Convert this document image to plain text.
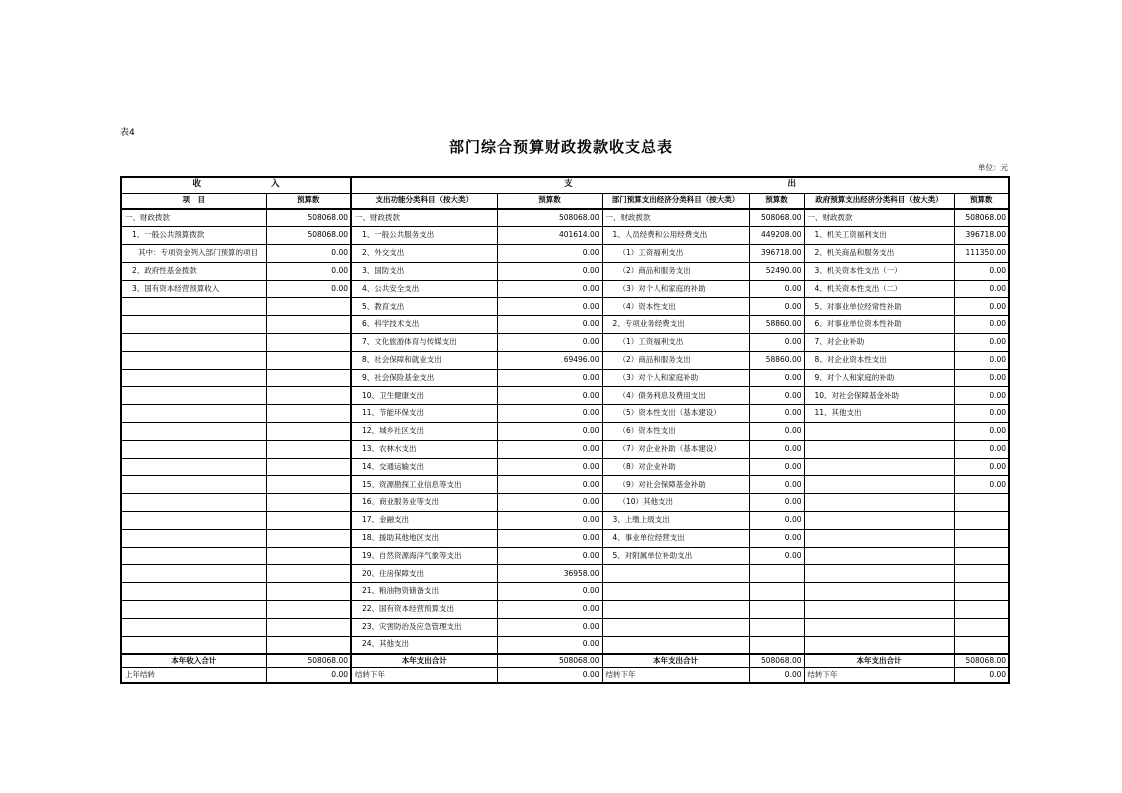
表4
部门综合预算财政拨款收支总表
单位：元
收 入		支 出					

项　目	预算数	支出功能分类科目（按大类）	预算数	部门预算支出经济分类科目（按大类）	预算数	政府预算支出经济分类科目（按大类）	预算数
一、财政拨款	508068.00	一、财政拨款	508068.00	一、财政拨款	508068.00	一、财政拨款	508068.00
1、一般公共预算拨款	508068.00	1、一般公共服务支出	401614.00	1、人员经费和公用经费支出	449208.00	1、机关工资福利支出	396718.00
其中：专项资金列入部门预算的项目	0.00	2、外交支出	0.00	（1）工资福利支出	396718.00	2、机关商品和服务支出	111350.00
2、政府性基金拨款	0.00	3、国防支出	0.00	（2）商品和服务支出	52490.00	3、机关资本性支出（一）	0.00
3、国有资本经营预算收入	0.00	4、公共安全支出	0.00	（3）对个人和家庭的补助	0.00	4、机关资本性支出（二）	0.00
		5、教育支出	0.00	（4）资本性支出	0.00	5、对事业单位经常性补助	0.00
		6、科学技术支出	0.00	2、专项业务经费支出	58860.00	6、对事业单位资本性补助	0.00
		7、文化旅游体育与传媒支出	0.00	（1）工资福利支出	0.00	7、对企业补助	0.00
		8、社会保障和就业支出	69496.00	（2）商品和服务支出	58860.00	8、对企业资本性支出	0.00
		9、社会保险基金支出	0.00	（3）对个人和家庭补助	0.00	9、对个人和家庭的补助	0.00
		10、卫生健康支出	0.00	（4）债务利息及费用支出	0.00	10、对社会保障基金补助	0.00
		11、节能环保支出	0.00	（5）资本性支出（基本建设）	0.00	11、其他支出	0.00
		12、城乡社区支出	0.00	（6）资本性支出	0.00		0.00
		13、农林水支出	0.00	（7）对企业补助（基本建设）	0.00		0.00
		14、交通运输支出	0.00	（8）对企业补助	0.00		0.00
		15、资源勘探工业信息等支出	0.00	（9）对社会保障基金补助	0.00		0.00
		16、商业服务业等支出	0.00	（10）其他支出	0.00		
		17、金融支出	0.00	3、上缴上级支出	0.00		
		18、援助其他地区支出	0.00	4、事业单位经营支出	0.00		
		19、自然资源海洋气象等支出	0.00	5、对附属单位补助支出	0.00		
		20、住房保障支出	36958.00				
		21、粮油物资储备支出	0.00				
		22、国有资本经营预算支出	0.00				
		23、灾害防治及应急管理支出	0.00				
		24、其他支出	0.00				
本年收入合计	508068.00	本年支出合计	508068.00	本年支出合计	508068.00	本年支出合计	508068.00
上年结转	0.00	结转下年	0.00	结转下年	0.00	结转下年	0.00
